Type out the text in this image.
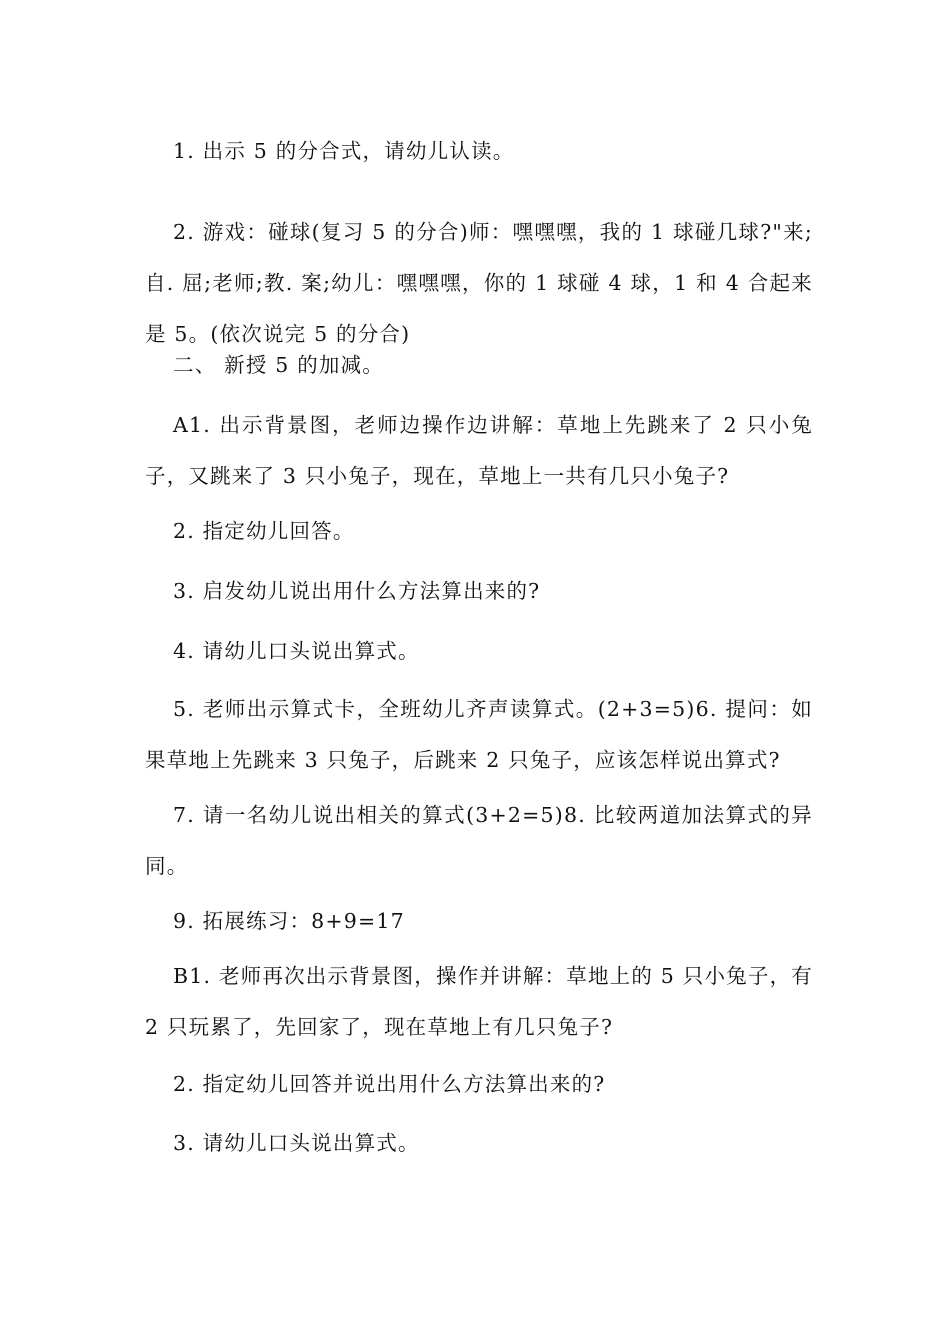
1. 出示 5 的分合式，请幼儿认读。

2. 游戏：碰球(复习 5 的分合)师：嘿嘿嘿，我的 1 球碰几球?"来;自. 屈;老师;教. 案;幼儿：嘿嘿嘿，你的 1 球碰 4 球，1 和 4 合起来是 5。(依次说完 5 的分合)

二、 新授 5 的加减。

A1. 出示背景图，老师边操作边讲解：草地上先跳来了 2 只小兔子，又跳来了 3 只小兔子，现在，草地上一共有几只小兔子?

2. 指定幼儿回答。

3. 启发幼儿说出用什么方法算出来的?

4. 请幼儿口头说出算式。

5. 老师出示算式卡，全班幼儿齐声读算式。(2+3=5)6. 提问：如果草地上先跳来 3 只兔子，后跳来 2 只兔子，应该怎样说出算式?

7. 请一名幼儿说出相关的算式(3+2=5)8. 比较两道加法算式的异同。

9. 拓展练习：8+9=17

B1. 老师再次出示背景图，操作并讲解：草地上的 5 只小兔子，有 2 只玩累了，先回家了，现在草地上有几只兔子?

2. 指定幼儿回答并说出用什么方法算出来的?

3. 请幼儿口头说出算式。
